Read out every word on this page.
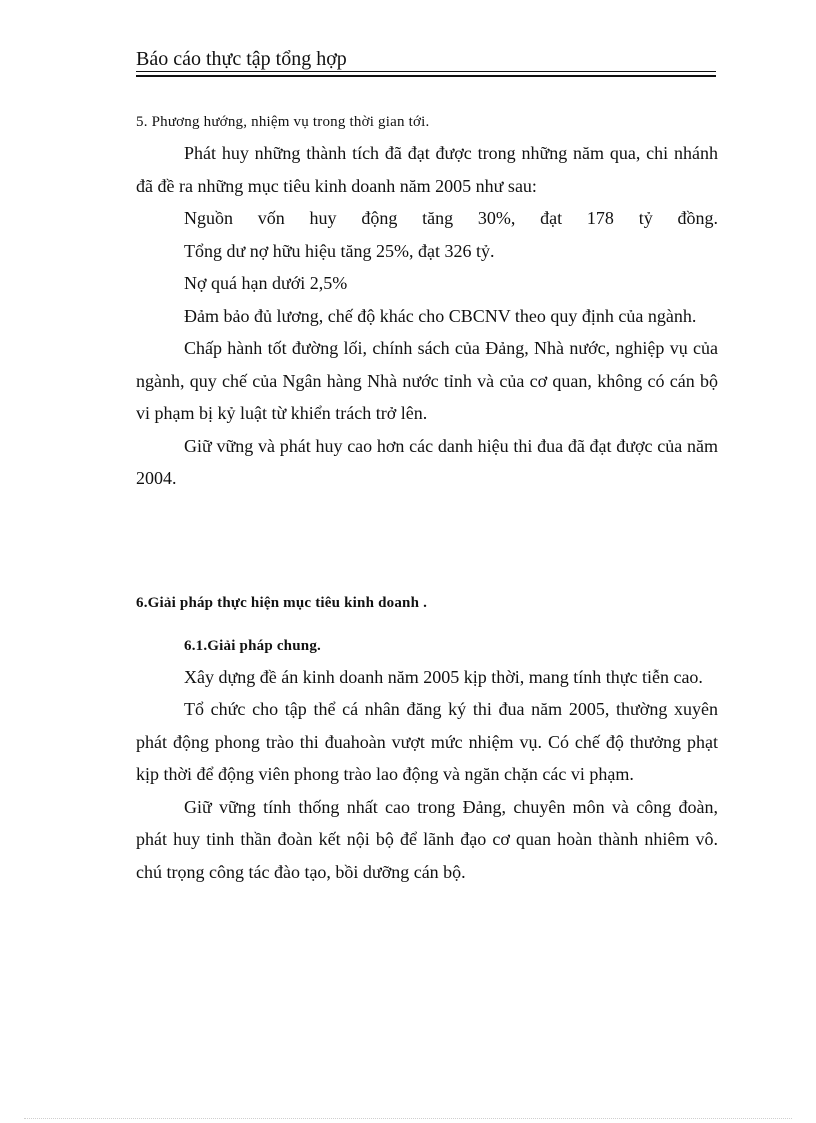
Báo cáo thực tập tổng hợp
5. Phương hướng, nhiệm vụ trong thời gian tới.

Phát huy những thành tích đã đạt được trong những năm qua, chi nhánh đã đề ra những mục tiêu kinh doanh năm 2005 như sau:

Nguồn vốn huy động tăng 30%, đạt 178 tỷ đồng.

Tổng dư nợ hữu hiệu tăng 25%, đạt 326 tỷ.

Nợ quá hạn dưới 2,5%

Đảm bảo đủ lương, chế độ khác cho CBCNV theo quy định của ngành.

Chấp hành tốt đường lối, chính sách của Đảng, Nhà nước, nghiệp vụ của ngành, quy chế của Ngân hàng Nhà nước tỉnh và của cơ quan, không có cán bộ vi phạm bị kỷ luật từ khiển trách trở lên.

Giữ vững và phát huy cao hơn các danh hiệu thi đua đã đạt được của năm 2004.

6.Giải pháp thực hiện mục tiêu kinh doanh .
6.1.Giải pháp chung.

Xây dựng đề án kinh doanh năm 2005 kịp thời, mang tính thực tiễn cao.

Tổ chức cho tập thể cá nhân đăng ký thi đua năm 2005, thường xuyên phát động phong trào thi đuahoàn vượt mức nhiệm vụ. Có chế độ thưởng phạt kịp thời để động viên phong trào lao động và ngăn chặn các vi phạm.

Giữ vững tính thống nhất cao trong Đảng, chuyên môn và công đoàn, phát huy tinh thần đoàn kết nội bộ để lãnh đạo cơ quan hoàn thành nhiêm vô. chú trọng công tác đào tạo, bồi dưỡng cán bộ.
